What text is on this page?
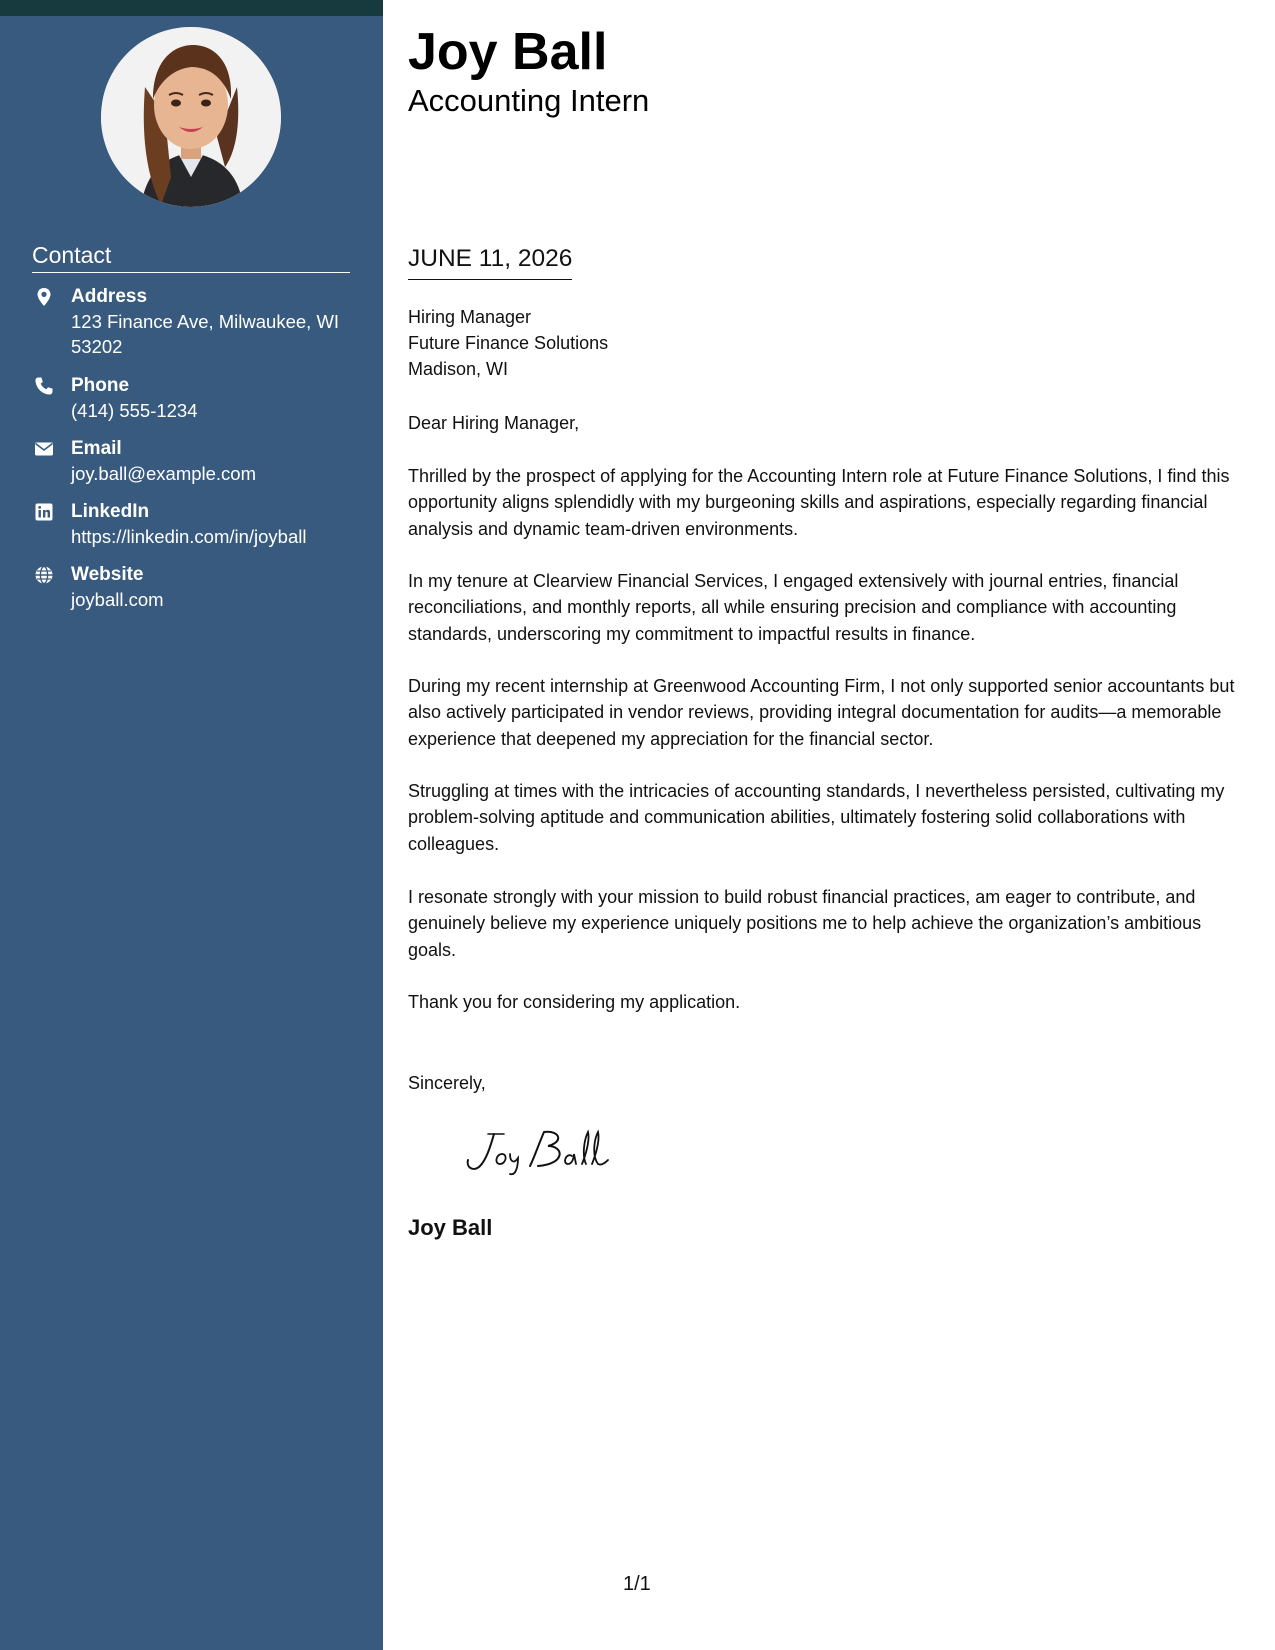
Contact
Address
123 Finance Ave, Milwaukee, WI 53202
Phone
(414) 555-1234
Email
joy.ball@example.com
LinkedIn
https://linkedin.com/in/joyball
Website
joyball.com
Joy Ball
Accounting Intern
JUNE 11, 2026
Hiring Manager
Future Finance Solutions
Madison, WI
Dear Hiring Manager,

Thrilled by the prospect of applying for the Accounting Intern role at Future Finance Solutions, I find this opportunity aligns splendidly with my burgeoning skills and aspirations, especially regarding financial analysis and dynamic team-driven environments.

In my tenure at Clearview Financial Services, I engaged extensively with journal entries, financial reconciliations, and monthly reports, all while ensuring precision and compliance with accounting standards, underscoring my commitment to impactful results in finance.

During my recent internship at Greenwood Accounting Firm, I not only supported senior accountants but also actively participated in vendor reviews, providing integral documentation for audits—a memorable experience that deepened my appreciation for the financial sector.

Struggling at times with the intricacies of accounting standards, I nevertheless persisted, cultivating my problem-solving aptitude and communication abilities, ultimately fostering solid collaborations with colleagues.

I resonate strongly with your mission to build robust financial practices, am eager to contribute, and genuinely believe my experience uniquely positions me to help achieve the organization’s ambitious goals.

Thank you for considering my application.

Sincerely,
Joy Ball
1/1
